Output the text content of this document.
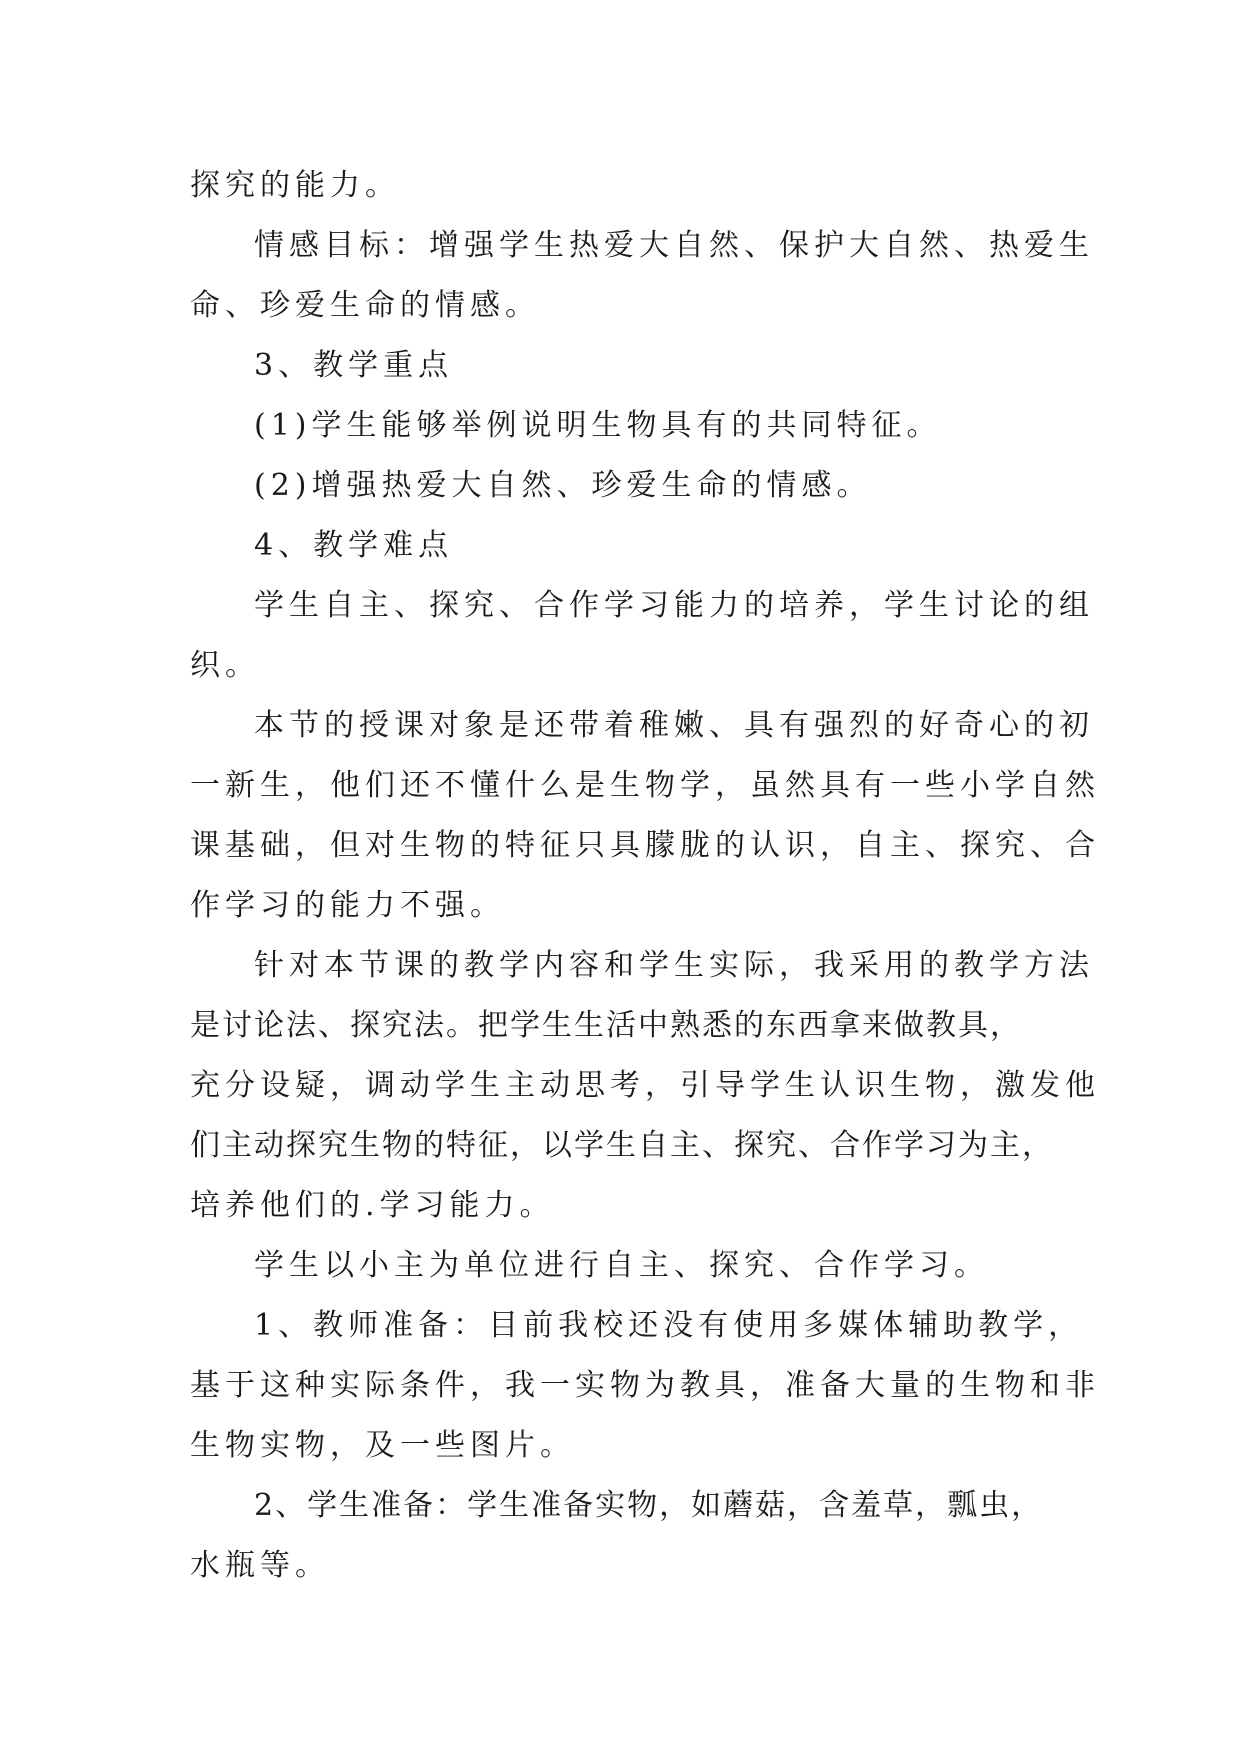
探究的能力。
情感目标：增强学生热爱大自然、保护大自然、热爱生
命、珍爱生命的情感。
3、教学重点
(1)学生能够举例说明生物具有的共同特征。
(2)增强热爱大自然、珍爱生命的情感。
4、教学难点
学生自主、探究、合作学习能力的培养，学生讨论的组
织。
本节的授课对象是还带着稚嫩、具有强烈的好奇心的初
一新生，他们还不懂什么是生物学，虽然具有一些小学自然
课基础，但对生物的特征只具朦胧的认识，自主、探究、合
作学习的能力不强。
针对本节课的教学内容和学生实际，我采用的教学方法
是讨论法、探究法。把学生生活中熟悉的东西拿来做教具，
充分设疑，调动学生主动思考，引导学生认识生物，激发他
们主动探究生物的特征，以学生自主、探究、合作学习为主，
培养他们的.学习能力。
学生以小主为单位进行自主、探究、合作学习。
1、教师准备：目前我校还没有使用多媒体辅助教学，
基于这种实际条件，我一实物为教具，准备大量的生物和非
生物实物，及一些图片。
2、学生准备：学生准备实物，如蘑菇，含羞草，瓢虫，
水瓶等。
